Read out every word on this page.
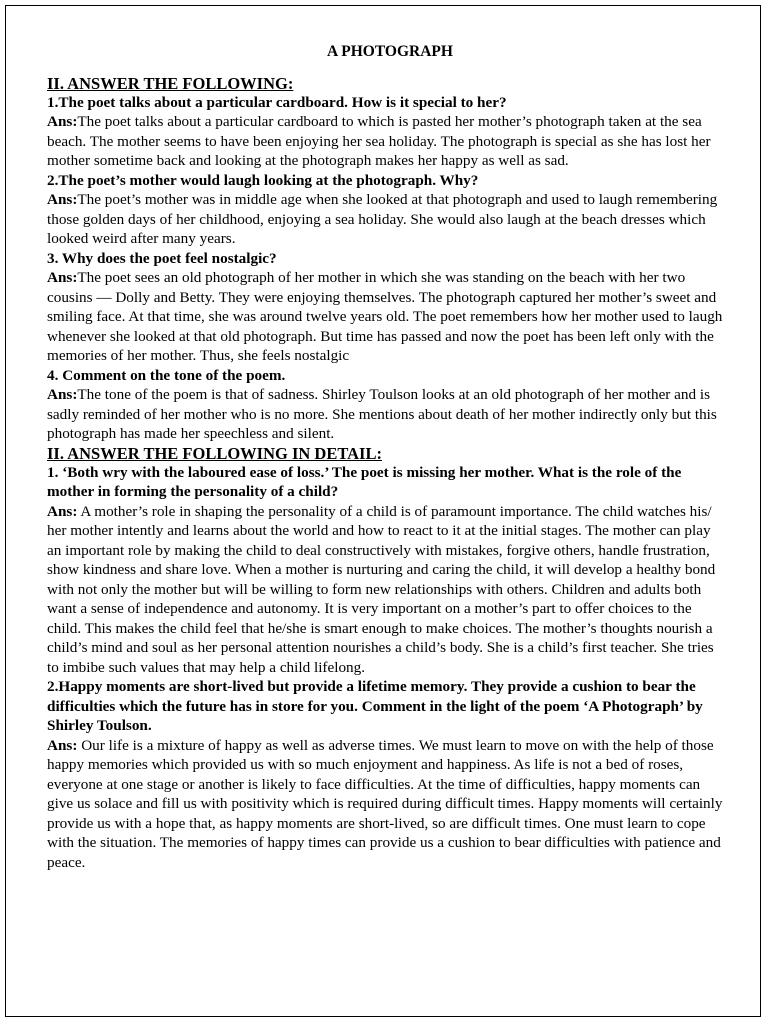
A PHOTOGRAPH
II. ANSWER THE FOLLOWING:

1.The poet talks about a particular cardboard. How is it special to her?

Ans:The poet talks about a particular cardboard to which is pasted her mother’s photograph taken at the sea beach. The mother seems to have been enjoying her sea holiday. The photograph is special as she has lost her mother sometime back and looking at the photograph makes her happy as well as sad.

2.The poet’s mother would laugh looking at the photograph. Why?

Ans:The poet’s mother was in middle age when she looked at that photograph and used to laugh remembering those golden days of her childhood, enjoying a sea holiday. She would also laugh at the beach dresses which looked weird after many years.

3. Why does the poet feel nostalgic?

Ans:The poet sees an old photograph of her mother in which she was standing on the beach with her two cousins — Dolly and Betty. They were enjoying themselves. The photograph captured her mother’s sweet and smiling face. At that time, she was around twelve years old. The poet remembers how her mother used to laugh whenever she looked at that old photograph. But time has passed and now the poet has been left only with the memories of her mother. Thus, she feels nostalgic

4. Comment on the tone of the poem.

Ans:The tone of the poem is that of sadness. Shirley Toulson looks at an old photograph of her mother and is sadly reminded of her mother who is no more. She mentions about death of her mother indirectly only but this photograph has made her speechless and silent.

II. ANSWER THE FOLLOWING IN DETAIL:

1. ‘Both wry with the laboured ease of loss.’ The poet is missing her mother. What is the role of the mother in forming the personality of a child?

Ans: A mother’s role in shaping the personality of a child is of paramount importance. The child watches his/ her mother intently and learns about the world and how to react to it at the initial stages. The mother can play an important role by making the child to deal constructively with mistakes, forgive others, handle frustration, show kindness and share love. When a mother is nurturing and caring the child, it will develop a healthy bond with not only the mother but will be willing to form new relationships with others. Children and adults both want a sense of independence and autonomy. It is very important on a mother’s part to offer choices to the child. This makes the child feel that he/she is smart enough to make choices. The mother’s thoughts nourish a child’s mind and soul as her personal attention nourishes a child’s body. She is a child’s first teacher. She tries to imbibe such values that may help a child lifelong.

2.Happy moments are short-lived but provide a lifetime memory. They provide a cushion to bear the difficulties which the future has in store for you. Comment in the light of the poem ‘A Photograph’ by Shirley Toulson.

Ans: Our life is a mixture of happy as well as adverse times. We must learn to move on with the help of those happy memories which provided us with so much enjoyment and happiness. As life is not a bed of roses, everyone at one stage or another is likely to face difficulties. At the time of difficulties, happy moments can give us solace and fill us with positivity which is required during difficult times. Happy moments will certainly provide us with a hope that, as happy moments are short-lived, so are difficult times. One must learn to cope with the situation. The memories of happy times can provide us a cushion to bear difficulties with patience and peace.
